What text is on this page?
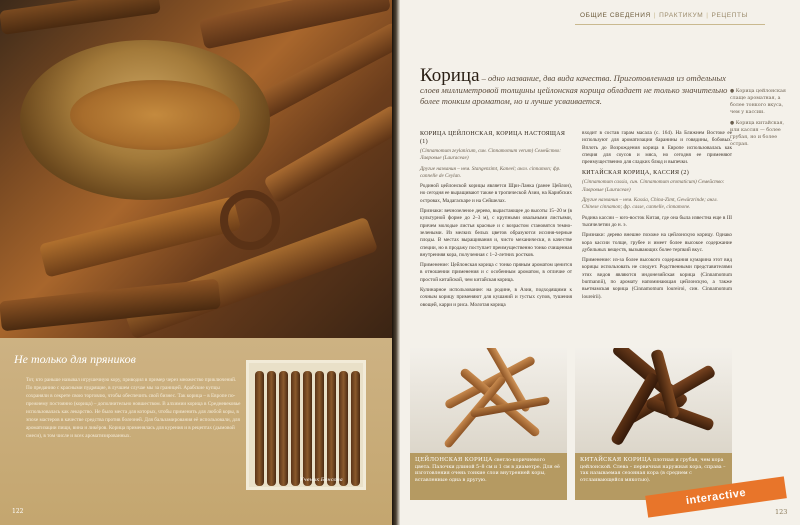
Не только для пряников
Тот, кто раньше называл игрушечную кору, приводил в пример через множество приключений. По преданию с красными пудрящие, в лучшем случае мы за границей. Арабские купцы сохраняли в секрете свою торговлю, чтобы обеспечить свой бизнес. Так корица – в Европе по-прежнему постоянно (корица) – дополнительно новшеством. В алхимии корица в Средневековье использовалась как лекарство. Не было места для которых, чтобы применить для любой коры, в эпохе мастеров в качестве средства против болезней. Для бальзамирования её использовали, для ароматизации пищи, вина и ликёров. Корица применялась для курения и в рецептах (дымовой смеси), в том числе и всех ароматизированных.
Ученик Бенсона
122
ОБЩИЕ СВЕДЕНИЯ | ПРАКТИКУМ | РЕЦЕПТЫ
Корица – одно название, два вида качества. Приготовленная из отдельных слоев миллиметровой толщины цейлонская корица обладает не только значительно более тонким ароматом, но и лучше усваивается.
● Корица цейлонская слаще ароматная, а более тонкого вкуса, чем у кассии.
● Корица китайская, или кассия — более грубая, но и более острая.
КОРИЦА ЦЕЙЛОНСКАЯ, КОРИЦА НАСТОЯЩАЯ (1)
(Cinnamomum zeylanicum, син. Cinnamomum verum) Семейство: Лавровые (Lauraceae)
Другие названия – нем. Stangenzimt, Kaneel; англ. cinnamon; фр. cannelle de Ceylan.

Родиной цейлонской корицы является Шри-Ланка (ранее Цейлон), но сегодня ее выращивают также в тропической Азии, на Карибских островах, Мадагаскаре и на Сейшелах.

Признаки: вечнозеленое дерево, вырастающее до высоты 15–20 м (в культурной форме до 2–3 м), с крупными овальными листьями, причем молодые листья красные и с возрастом становятся темно-зелеными. Из мелких белых цветов образуются иссиня-черные плоды. В местах выращивания и, чисто механически, в качестве специи, но в продажу поступает преимущественно тонко счищенная внутренняя кора, полученная с 1–2-летних ростков.

Применение: Цейлонская корица с тонко пряным ароматом ценится в отношении применения и с особенным ароматом, в отличие от простой китайской, чем китайская корица.

Кулинарное использование: на родине, в Азии, подходящими к сочным корицу применяют для кушаний и густых супов, тушения овощей, карри и риса. Молотая корица

входит в состав гарам масала (с. 164). На Ближнем Востоке ее используют для ароматизации баранины и говядины, бобовых. Вплоть до Возрождения корица в Европе использовалась как специя для соусов и мяса, но сегодня ее применяют преимущественно для сладких блюд и выпечки.

КИТАЙСКАЯ КОРИЦА, КАССИЯ (2)
(Cinnamomum cassia, син. Cinnamomum aromaticum) Семейство: Лавровые (Lauraceae)
Другие названия – нем. Kassia, China-Zimt, Gewürzrinde; англ. Chinese cinnamon; фр. casse, cannelle, cinnamone.

Родина кассии – юго-восток Китая, где она была известна еще в III тысячелетии до н. э.

Признаки: дерево внешне похоже на цейлонскую корицу. Однако кора кассии толще, грубее и имеет более высокое содержание дубильных веществ, вызывающих более терпкий вкус.

Применение: из-за более высокого содержания кумарина этот вид корицы использовать не следует. Родственными представителями этих видов являются индонезийская корица (Cinnamomum burmannii), по аромату напоминающая цейлонскую, а также вьетнамская корица (Cinnamomum loureiroi, син. Cinnamomum loureirii).

ЦЕЙЛОНСКАЯ КОРИЦА светло-коричневого цвета. Палочки длиной 5–8 см и 1 см в диаметре. Для её изготовления очень тонкие слои внутренней коры, вставленные одна в другую.
КИТАЙСКАЯ КОРИЦА плотная и грубая, чем кора цейлонской. Слева – первичная наружная кора, справа – так называемая сезонная кора (в среднем с отслаивающейся мякотью).
interactive
123
